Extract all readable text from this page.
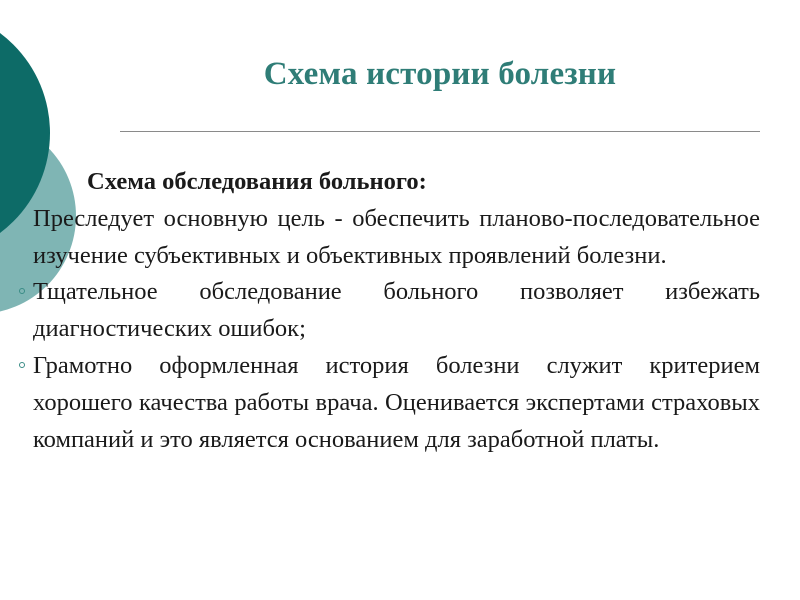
Схема истории болезни
Схема обследования больного:
Преследует основную цель - обеспечить планово-последовательное изучение субъективных и объективных проявлений болезни.
Тщательное обследование больного позволяет избежать диагностических ошибок;
Грамотно оформленная история болезни служит критерием хорошего качества работы врача. Оценивается экспертами страховых компаний и это является основанием для заработной платы.
